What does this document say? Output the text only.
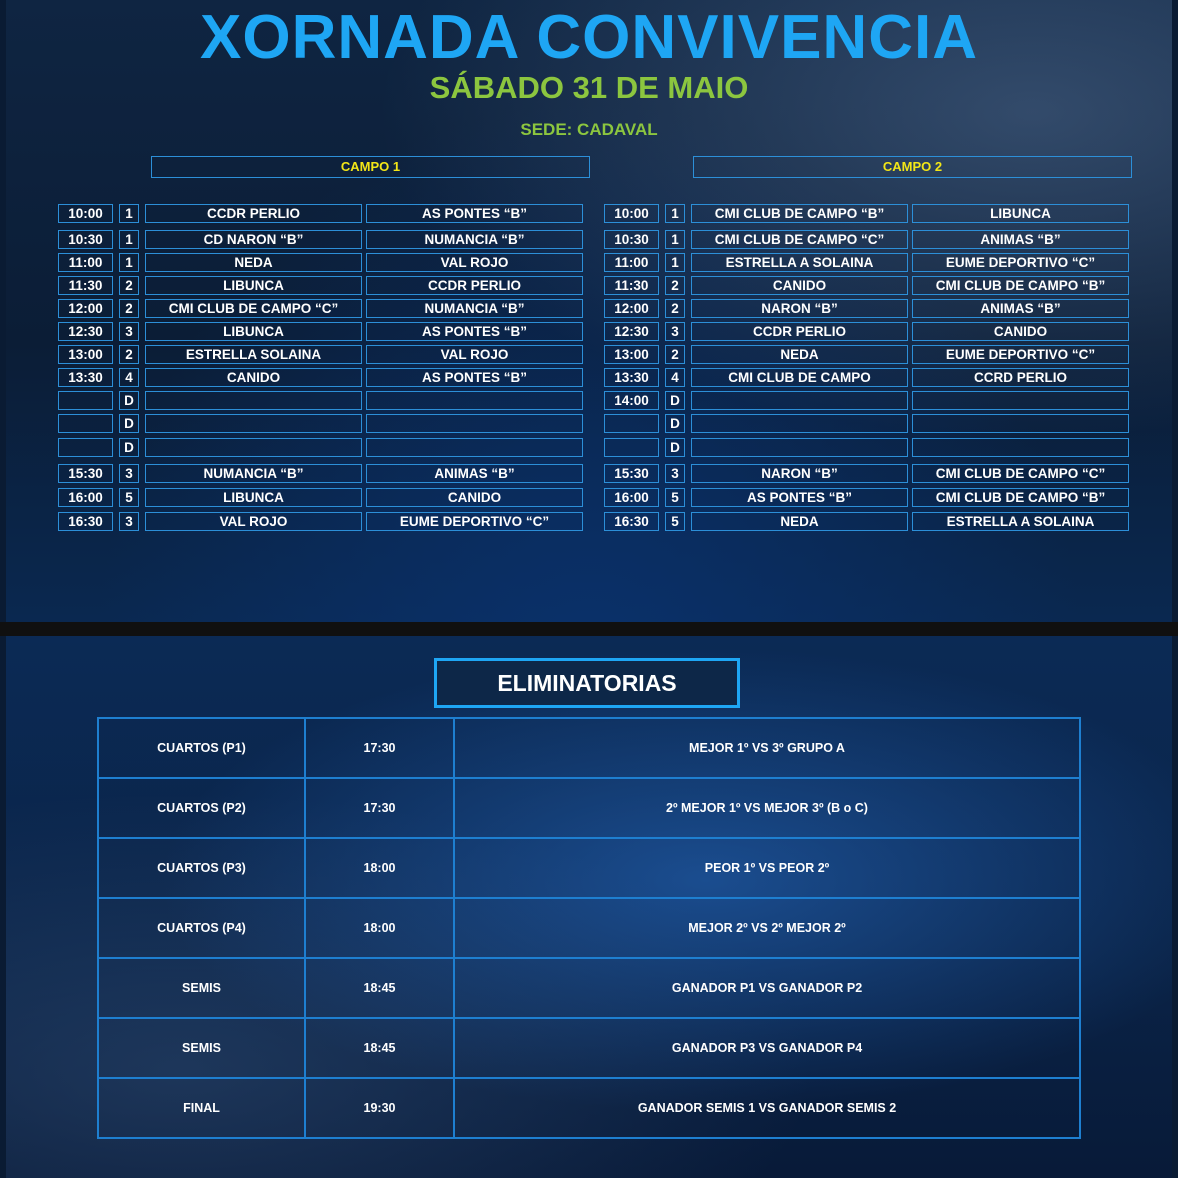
XORNADA CONVIVENCIA
SÁBADO 31 DE MAIO
SEDE: CADAVAL
CAMPO 1	CAMPO 2
10:00	1	CCDR PERLIO	AS PONTES “B”
10:30	1	CD NARON “B”	NUMANCIA “B”
11:00	1	NEDA	VAL ROJO
11:30	2	LIBUNCA	CCDR PERLIO
12:00	2	CMI CLUB DE CAMPO “C”	NUMANCIA “B”
12:30	3	LIBUNCA	AS PONTES “B”
13:00	2	ESTRELLA SOLAINA	VAL ROJO
13:30	4	CANIDO	AS PONTES “B”
D
D
D
15:30	3	NUMANCIA “B”	ANIMAS “B”
16:00	5	LIBUNCA	CANIDO
16:30	3	VAL ROJO	EUME DEPORTIVO “C”
10:00	1	CMI CLUB DE CAMPO “B”	LIBUNCA
10:30	1	CMI CLUB DE CAMPO “C”	ANIMAS “B”
11:00	1	ESTRELLA A SOLAINA	EUME DEPORTIVO “C”
11:30	2	CANIDO	CMI CLUB DE CAMPO “B”
12:00	2	NARON “B”	ANIMAS “B”
12:30	3	CCDR PERLIO	CANIDO
13:00	2	NEDA	EUME DEPORTIVO “C”
13:30	4	CMI CLUB DE CAMPO	CCRD PERLIO
14:00	D
D
D
15:30	3	NARON “B”	CMI CLUB DE CAMPO “C”
16:00	5	AS PONTES “B”	CMI CLUB DE CAMPO “B”
16:30	5	NEDA	ESTRELLA A SOLAINA
ELIMINATORIAS
CUARTOS (P1)	17:30	MEJOR 1º VS 3º GRUPO A
CUARTOS (P2)	17:30	2º MEJOR 1º VS MEJOR 3º (B o C)
CUARTOS (P3)	18:00	PEOR 1º VS PEOR 2º
CUARTOS (P4)	18:00	MEJOR 2º VS 2º MEJOR 2º
SEMIS	18:45	GANADOR P1 VS GANADOR P2
SEMIS	18:45	GANADOR P3 VS GANADOR P4
FINAL	19:30	GANADOR SEMIS 1 VS GANADOR SEMIS 2
